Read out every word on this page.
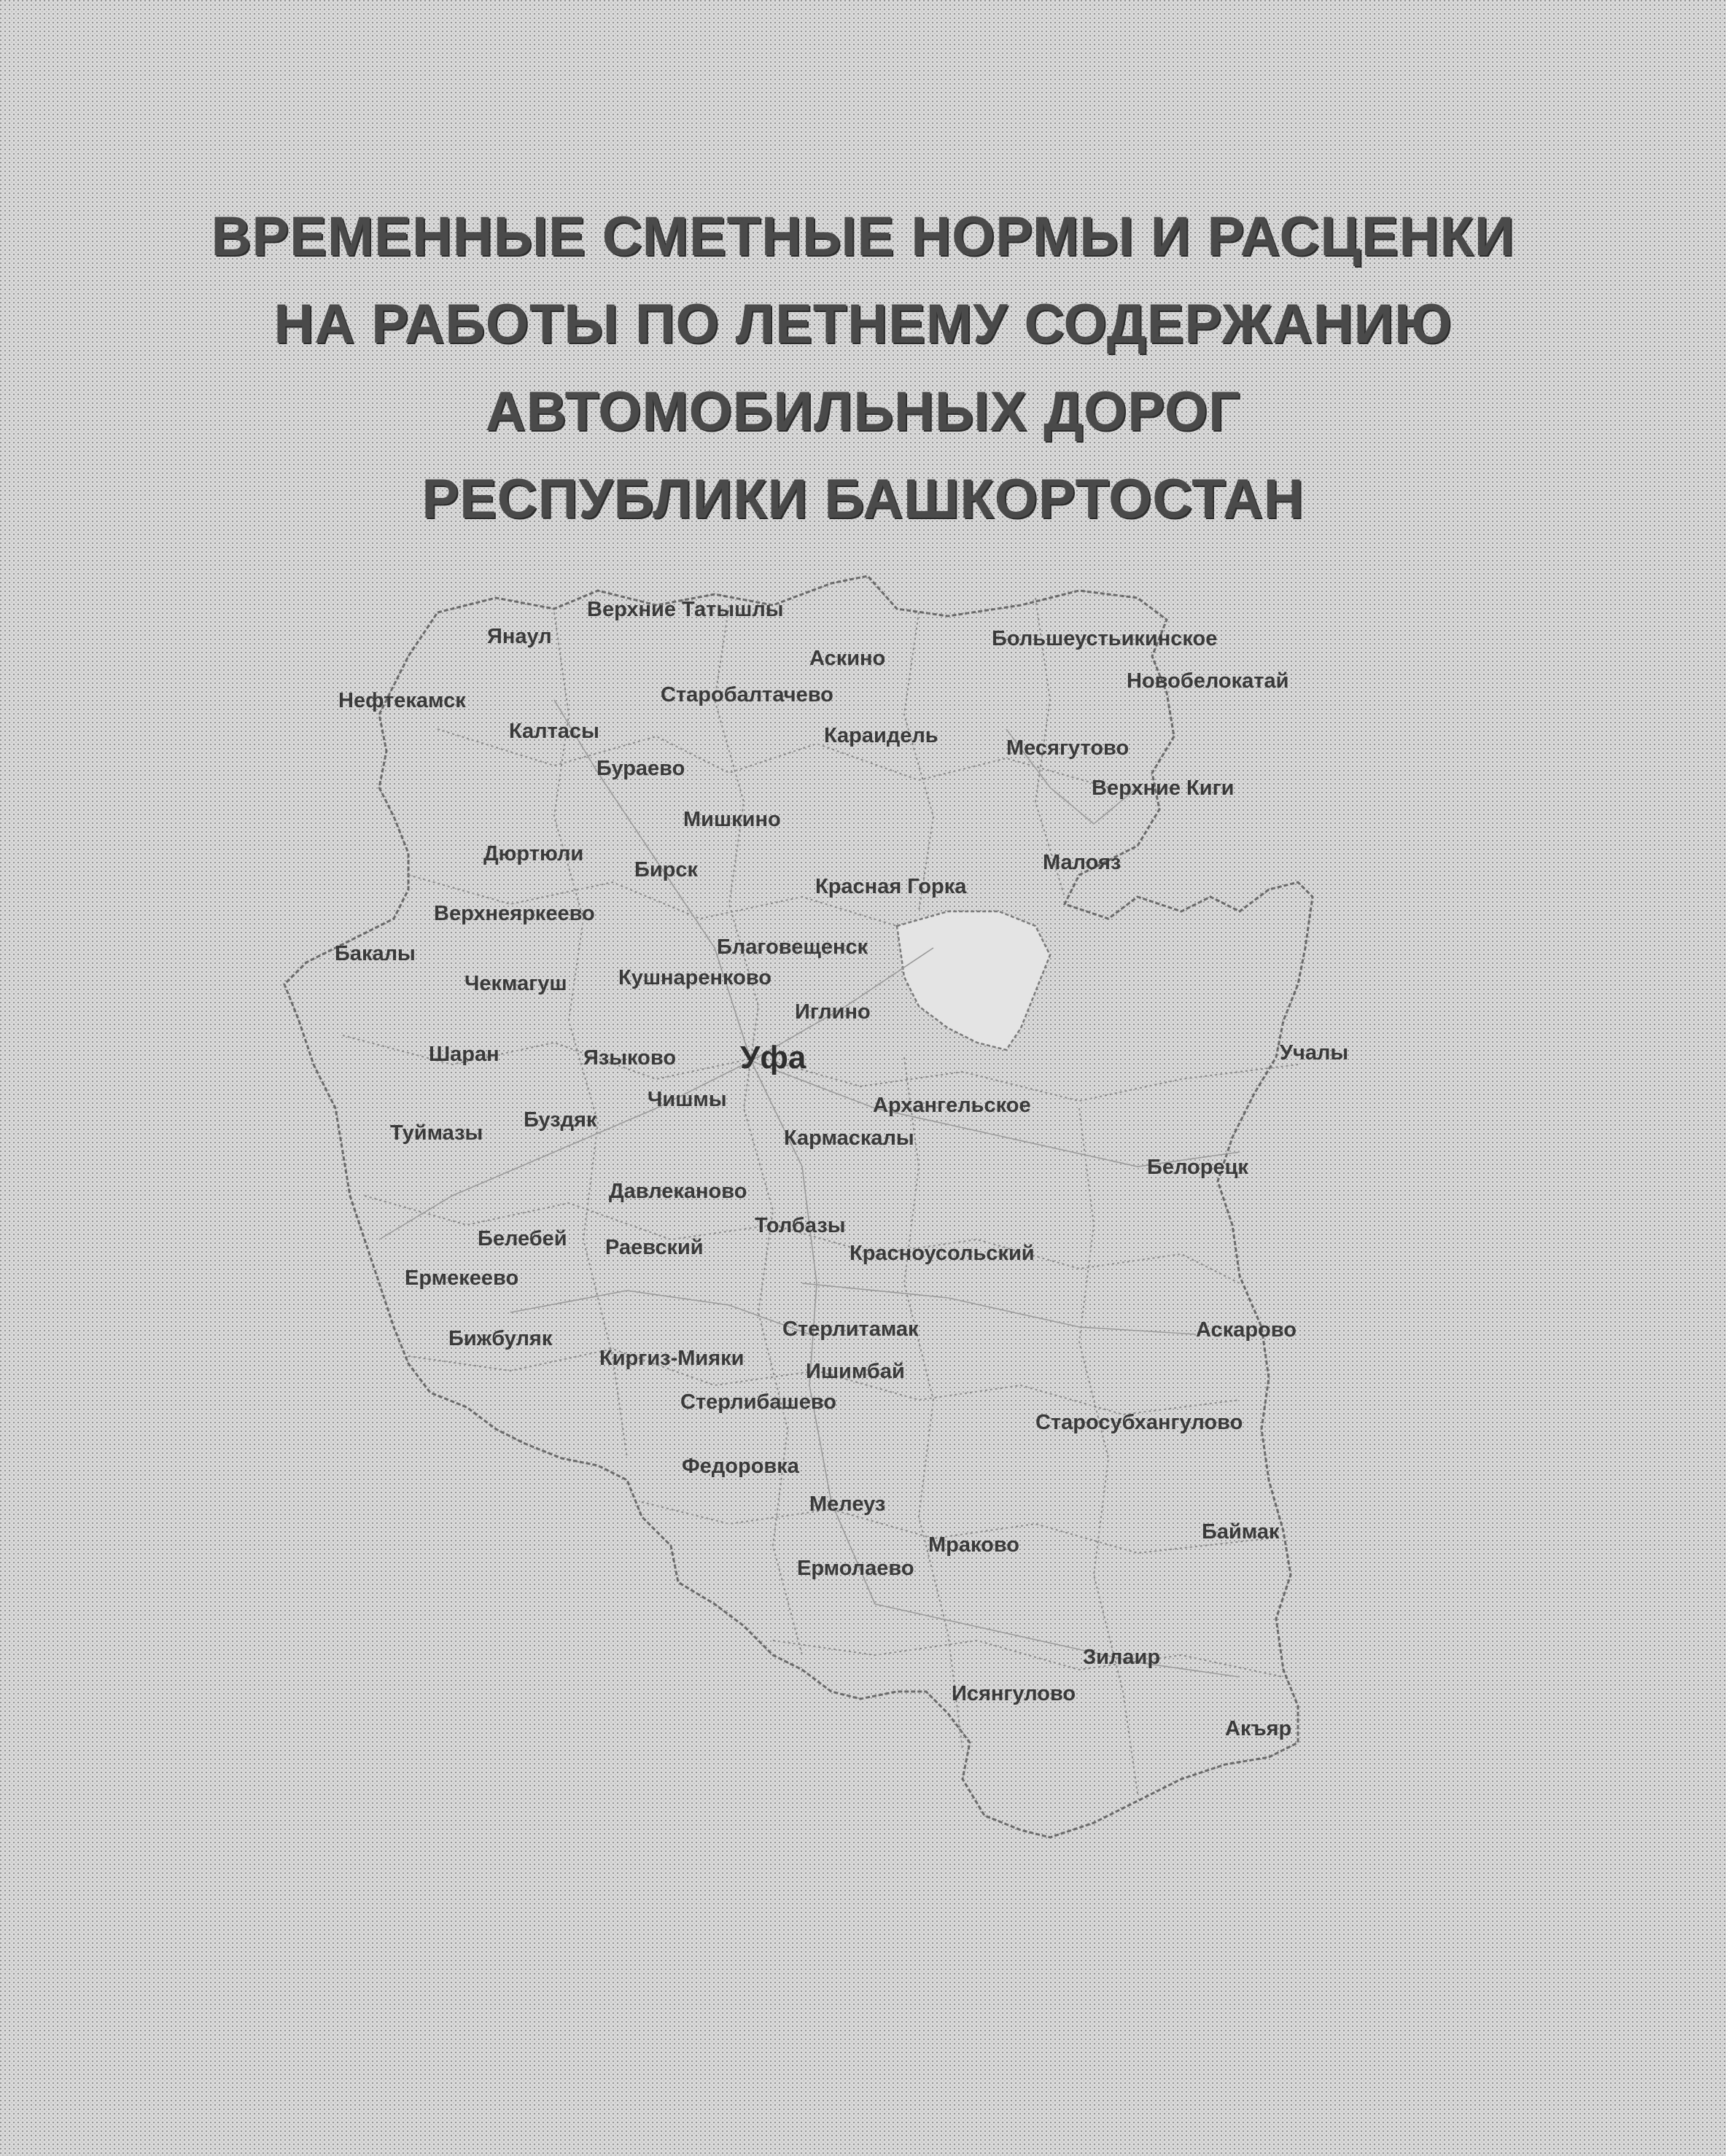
ВРЕМЕННЫЕ СМЕТНЫЕ НОРМЫ И РАСЦЕНКИ
НА РАБОТЫ ПО ЛЕТНЕМУ СОДЕРЖАНИЮ
АВТОМОБИЛЬНЫХ ДОРОГ
РЕСПУБЛИКИ БАШКОРТОСТАН
Верхние Татышлы
Янаул
Аскино
Большеустьикинское
Нефтекамск	Старобалтачево
Новобелокатай
Калтасы	Караидель
Месягутово
Бураево
Верхние Киги
Мишкино
Дюртюли
Бирск	Малояз
Красная Горка
Верхнеяркеево
Благовещенск
Бакалы
Чекмагуш Кушнаренково
Иглино
Шаран	Языково Уфа	Учалы
Чишмы	Архангельское
Туймазы
Буздяк
Кармаскалы
Белорецк
Давлеканово
Толбазы
Белебей Раевский	Красноусольский
Ермекеево
Стерлитамак	Аскарово
Бижбуляк
Киргиз-Мияки
Ишимбай
Стерлибашево
Старосубхангулово
Федоровка
Мелеуз
Баймак
Мраково
Ермолаево
Зилаир
Исянгулово
Акъяр
